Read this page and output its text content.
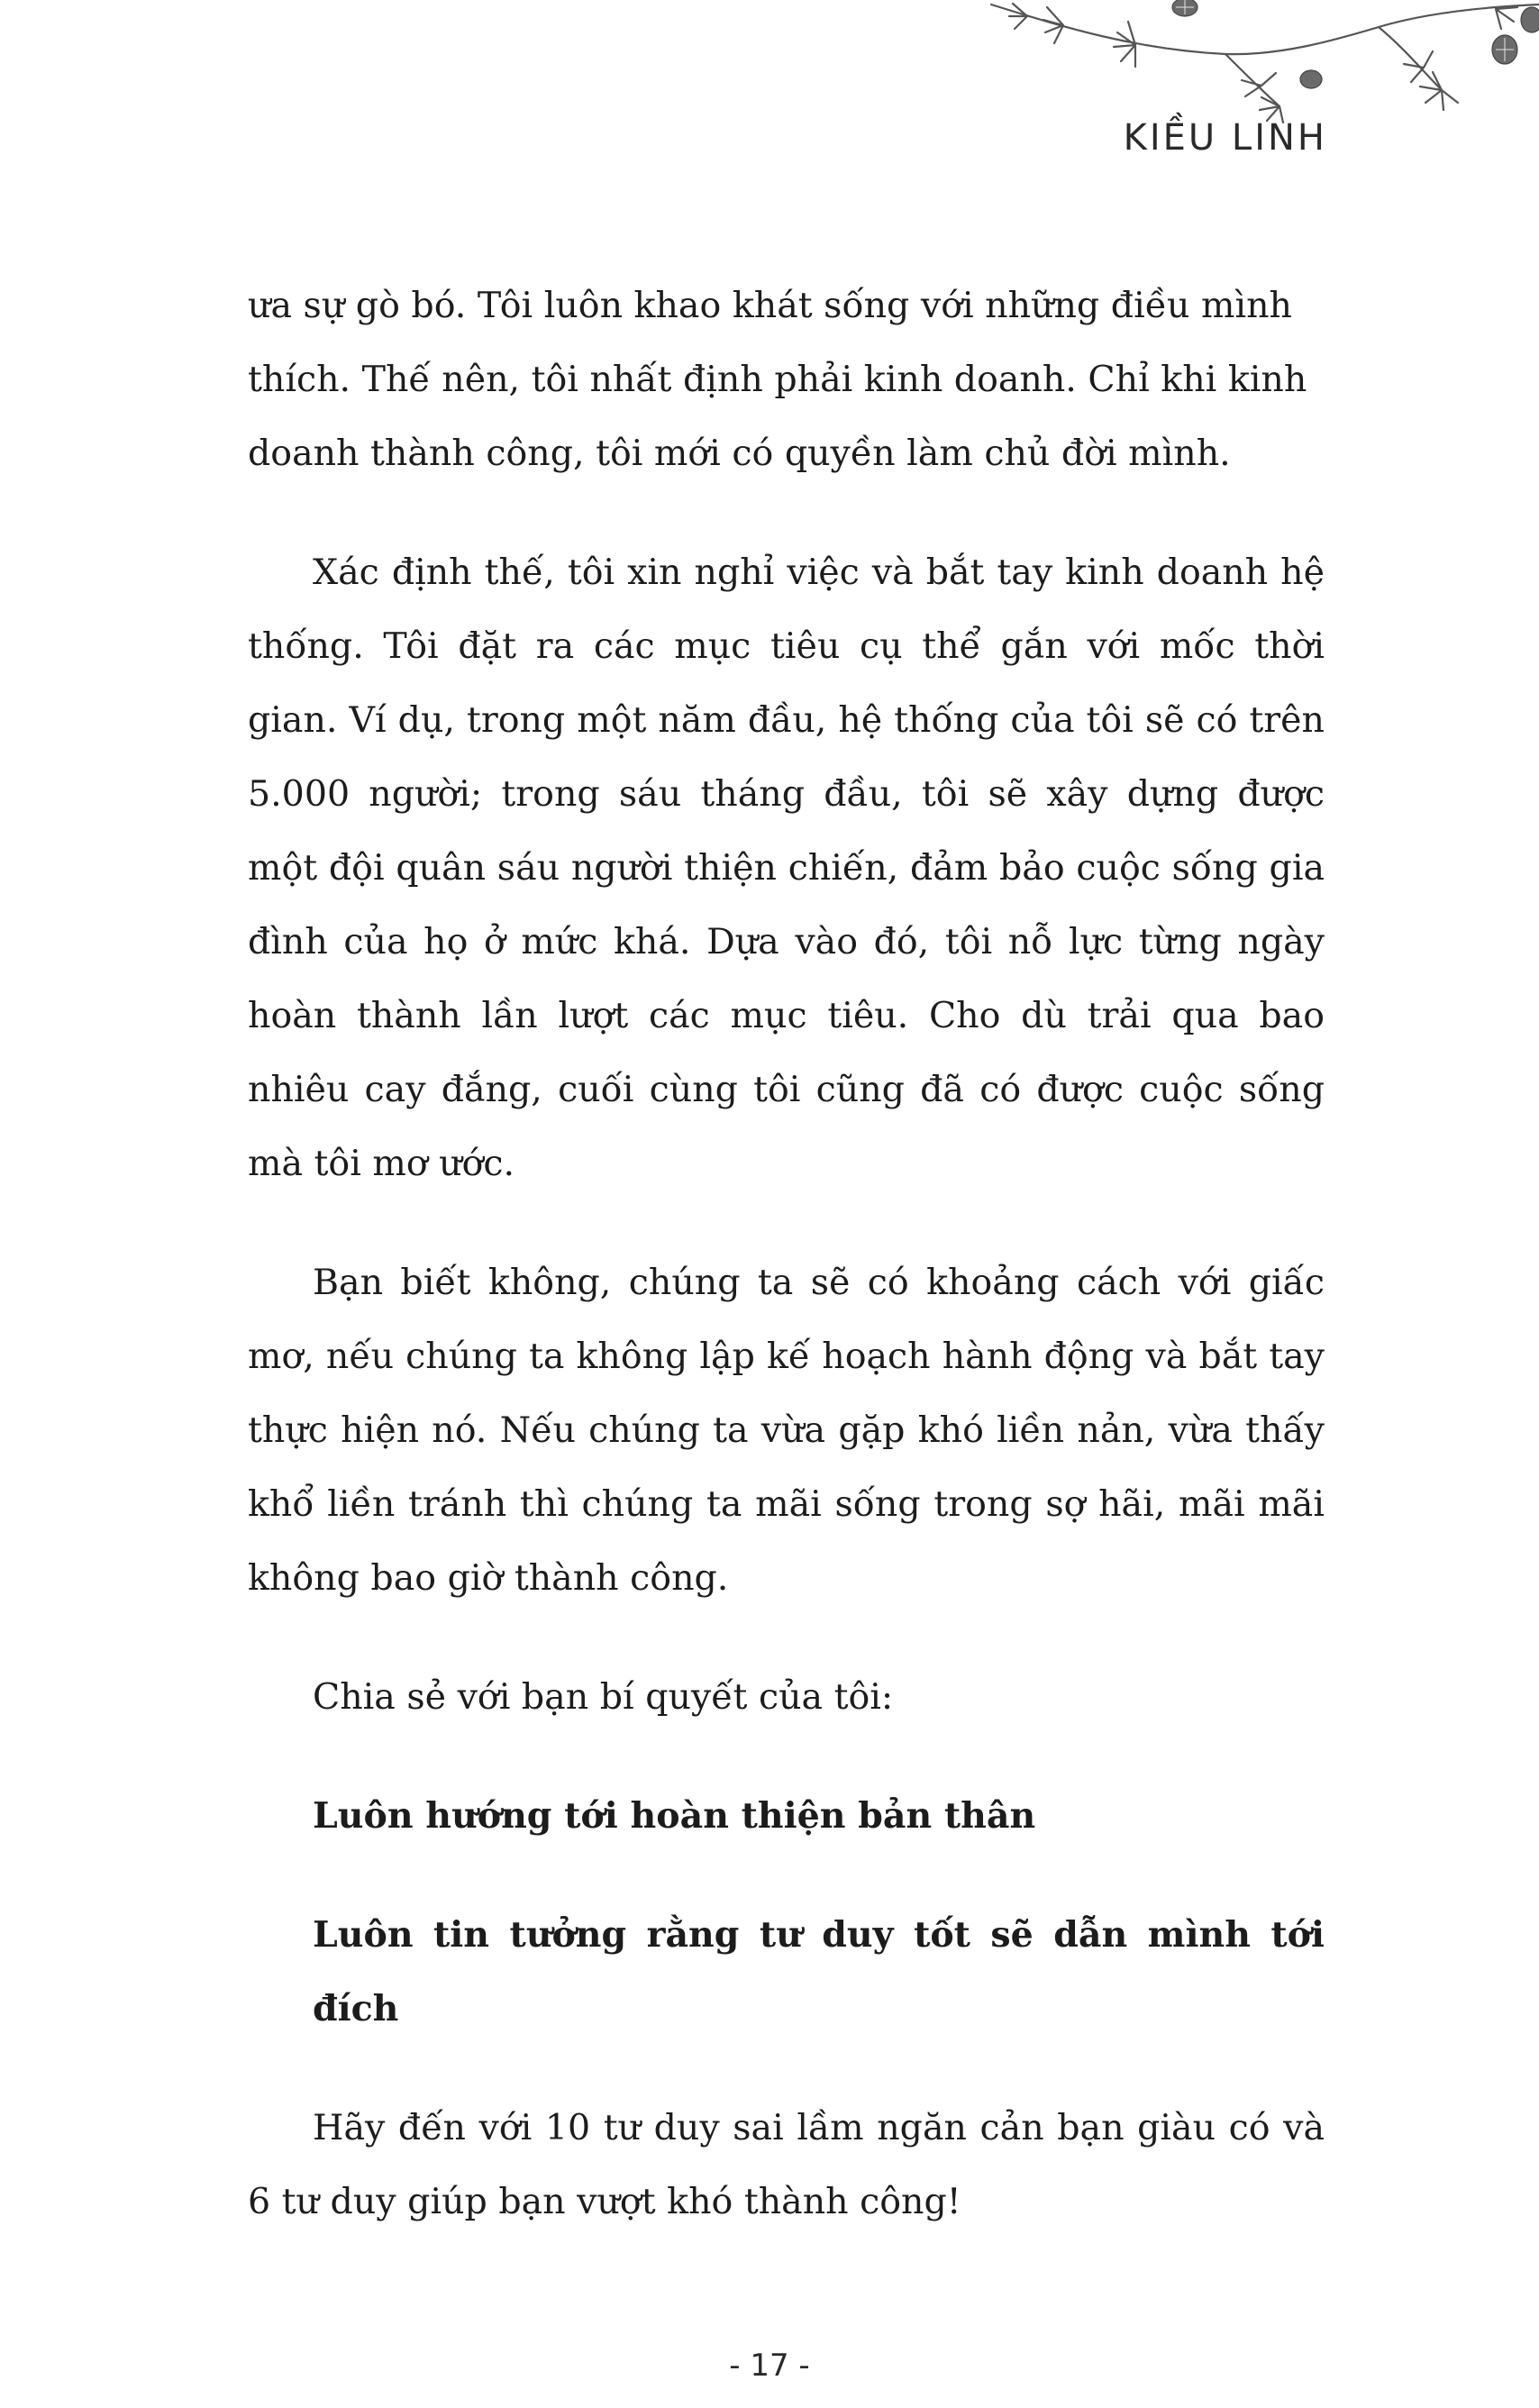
KIỀU LINH

ưa sự gò bó. Tôi luôn khao khát sống với những điều mình

thích. Thế nên, tôi nhất định phải kinh doanh. Chỉ khi kinh

doanh thành công, tôi mới có quyền làm chủ đời mình.

Xác định thế, tôi xin nghỉ việc và bắt tay kinh doanh hệ thống. Tôi đặt ra các mục tiêu cụ thể gắn với mốc thời gian. Ví dụ, trong một năm đầu, hệ thống của tôi sẽ có trên 5.000 người; trong sáu tháng đầu, tôi sẽ xây dựng được một đội quân sáu người thiện chiến, đảm bảo cuộc sống gia đình của họ ở mức khá. Dựa vào đó, tôi nỗ lực từng ngày hoàn thành lần lượt các mục tiêu. Cho dù trải qua bao nhiêu cay đắng, cuối cùng tôi cũng đã có được cuộc sống mà tôi mơ ước.

Bạn biết không, chúng ta sẽ có khoảng cách với giấc mơ, nếu chúng ta không lập kế hoạch hành động và bắt tay thực hiện nó. Nếu chúng ta vừa gặp khó liền nản, vừa thấy khổ liền tránh thì chúng ta mãi sống trong sợ hãi, mãi mãi không bao giờ thành công.

Chia sẻ với bạn bí quyết của tôi:

Luôn hướng tới hoàn thiện bản thân

Luôn tin tưởng rằng tư duy tốt sẽ dẫn mình tới đích

Hãy đến với 10 tư duy sai lầm ngăn cản bạn giàu có và 6 tư duy giúp bạn vượt khó thành công!

- 17 -
